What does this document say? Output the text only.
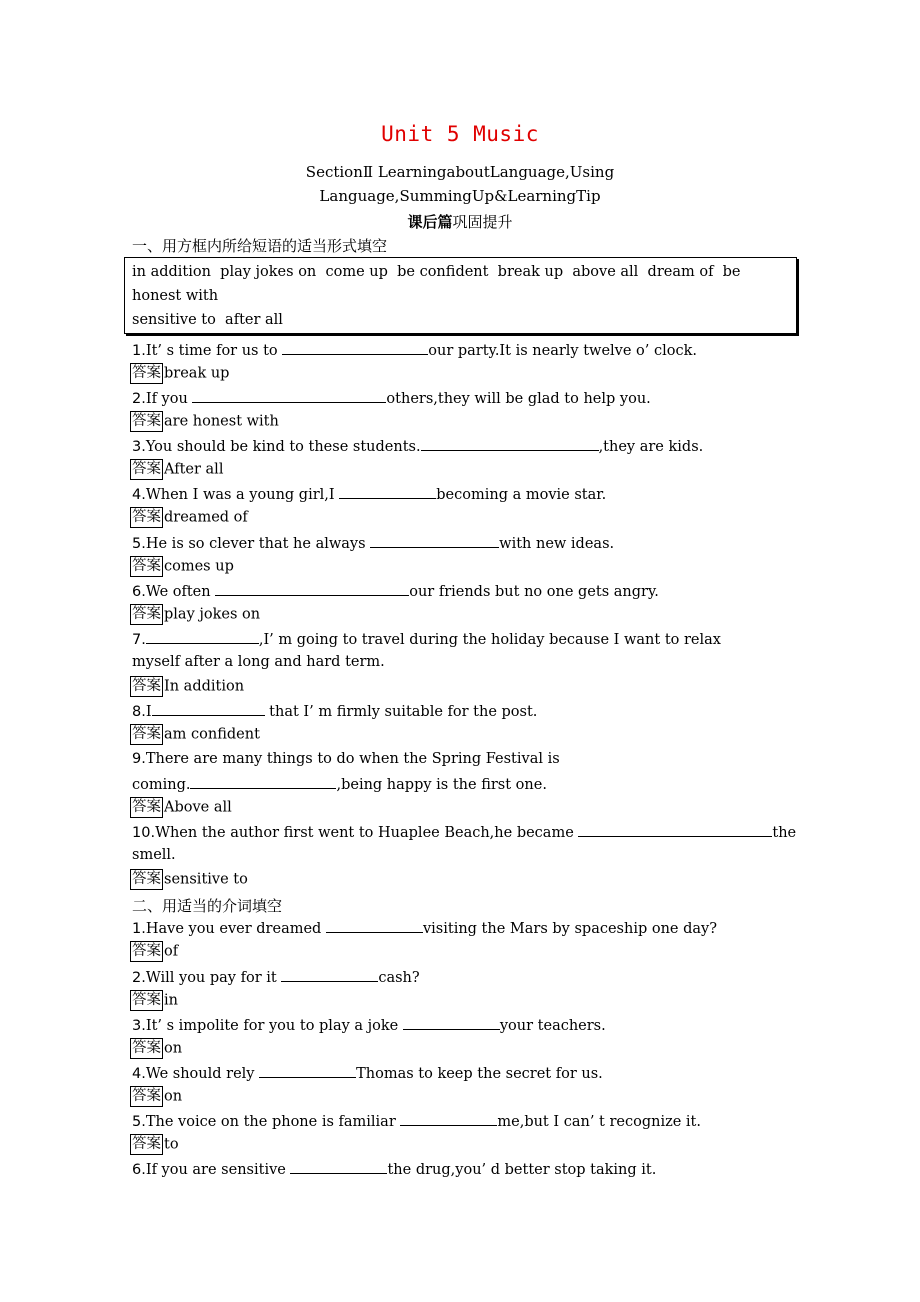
Unit 5 Music
SectionⅡ LearningaboutLanguage,Using
Language,SummingUp&LearningTip
课后篇巩固提升
一、用方框内所给短语的适当形式填空
in addition  play jokes on  come up  be confident  break up  above all  dream of  be
honest with
sensitive to  after all
1.It’ s time for us to	our party.It is nearly twelve o’ clock.
答案 break up
2.If you	others,they will be glad to help you.
答案 are honest with
3.You should be kind to these students.	,they are kids.
答案 After all
4.When I was a young girl,I	becoming a movie star.
答案 dreamed of
5.He is so clever that he always	with new ideas.
答案 comes up
6.We often	our friends but no one gets angry.
答案 play jokes on
7.	,I’ m going to travel during the holiday because I want to relax
myself after a long and hard term.
答案 In addition
8.I	that I’ m firmly suitable for the post.
答案 am confident
9.There are many things to do when the Spring Festival is
coming.	,being happy is the first one.
答案 Above all
10.When the author first went to Huaplee Beach,he became	the
smell.
答案 sensitive to
二、用适当的介词填空
1.Have you ever dreamed	visiting the Mars by spaceship one day?
答案 of
2.Will you pay for it	cash?
答案 in
3.It’ s impolite for you to play a joke	your teachers.
答案 on
4.We should rely	Thomas to keep the secret for us.
答案 on
5.The voice on the phone is familiar	me,but I can’ t recognize it.
答案 to
6.If you are sensitive	the drug,you’ d better stop taking it.
